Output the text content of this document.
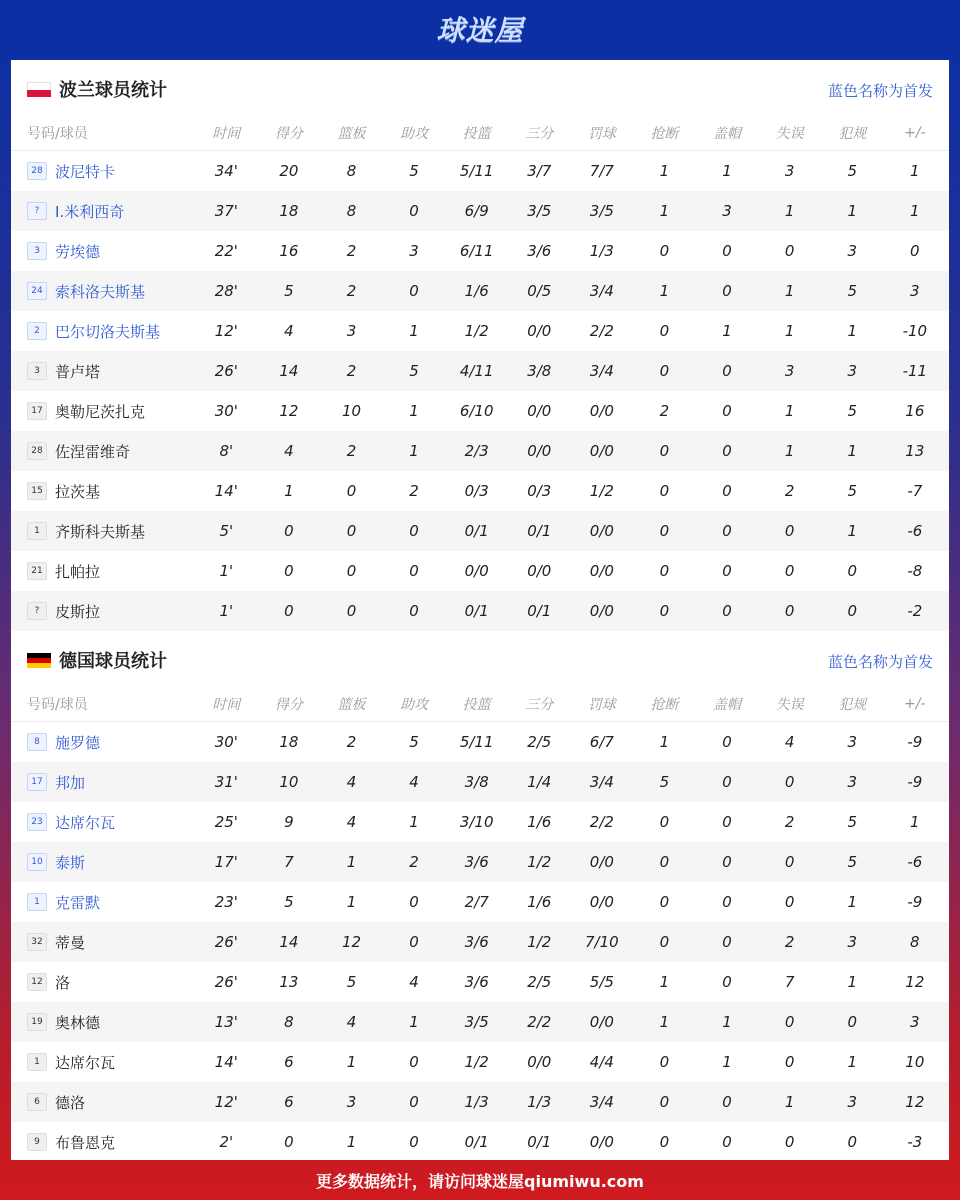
球迷屋
波兰球员统计	蓝色名称为首发
号码/球员	时间	得分	篮板	助攻	投篮	三分	罚球	抢断	盖帽	失误	犯规	+/-
28 波尼特卡	34'	20	8	5	5/11	3/7	7/7	1	1	3	5	1
?	I.米利西奇	37'	18	8	0	6/9	3/5	3/5	1	3	1	1	1
3	劳埃德	22'	16	2	3	6/11	3/6	1/3	0	0	0	3	0
24 索科洛夫斯基	28'	5	2	0	1/6	0/5	3/4	1	0	1	5	3
2	巴尔切洛夫斯基	12'	4	3	1	1/2	0/0	2/2	0	1	1	1	-10
3	普卢塔	26'	14	2	5	4/11	3/8	3/4	0	0	3	3	-11
17 奥勒尼茨扎克	30'	12	10	1	6/10	0/0	0/0	2	0	1	5	16
28 佐涅雷维奇	8'	4	2	1	2/3	0/0	0/0	0	0	1	1	13
15 拉茨基	14'	1	0	2	0/3	0/3	1/2	0	0	2	5	-7
1	齐斯科夫斯基	5'	0	0	0	0/1	0/1	0/0	0	0	0	1	-6
21 扎帕拉	1'	0	0	0	0/0	0/0	0/0	0	0	0	0	-8
?	皮斯拉	1'	0	0	0	0/1	0/1	0/0	0	0	0	0	-2
德国球员统计	蓝色名称为首发
号码/球员	时间	得分	篮板	助攻	投篮	三分	罚球	抢断	盖帽	失误	犯规	+/-
8	施罗德	30'	18	2	5	5/11	2/5	6/7	1	0	4	3	-9
17 邦加	31'	10	4	4	3/8	1/4	3/4	5	0	0	3	-9
23 达席尔瓦	25'	9	4	1	3/10	1/6	2/2	0	0	2	5	1
10 泰斯	17'	7	1	2	3/6	1/2	0/0	0	0	0	5	-6
1	克雷默	23'	5	1	0	2/7	1/6	0/0	0	0	0	1	-9
32 蒂曼	26'	14	12	0	3/6	1/2	7/10	0	0	2	3	8
12 洛	26'	13	5	4	3/6	2/5	5/5	1	0	7	1	12
19 奥林德	13'	8	4	1	3/5	2/2	0/0	1	1	0	0	3
1	达席尔瓦	14'	6	1	0	1/2	0/0	4/4	0	1	0	1	10
6	德洛	12'	6	3	0	1/3	1/3	3/4	0	0	1	3	12
9	布鲁恩克	2'	0	1	0	0/1	0/1	0/0	0	0	0	0	-3
更多数据统计，请访问球迷屋qiumiwu.com
